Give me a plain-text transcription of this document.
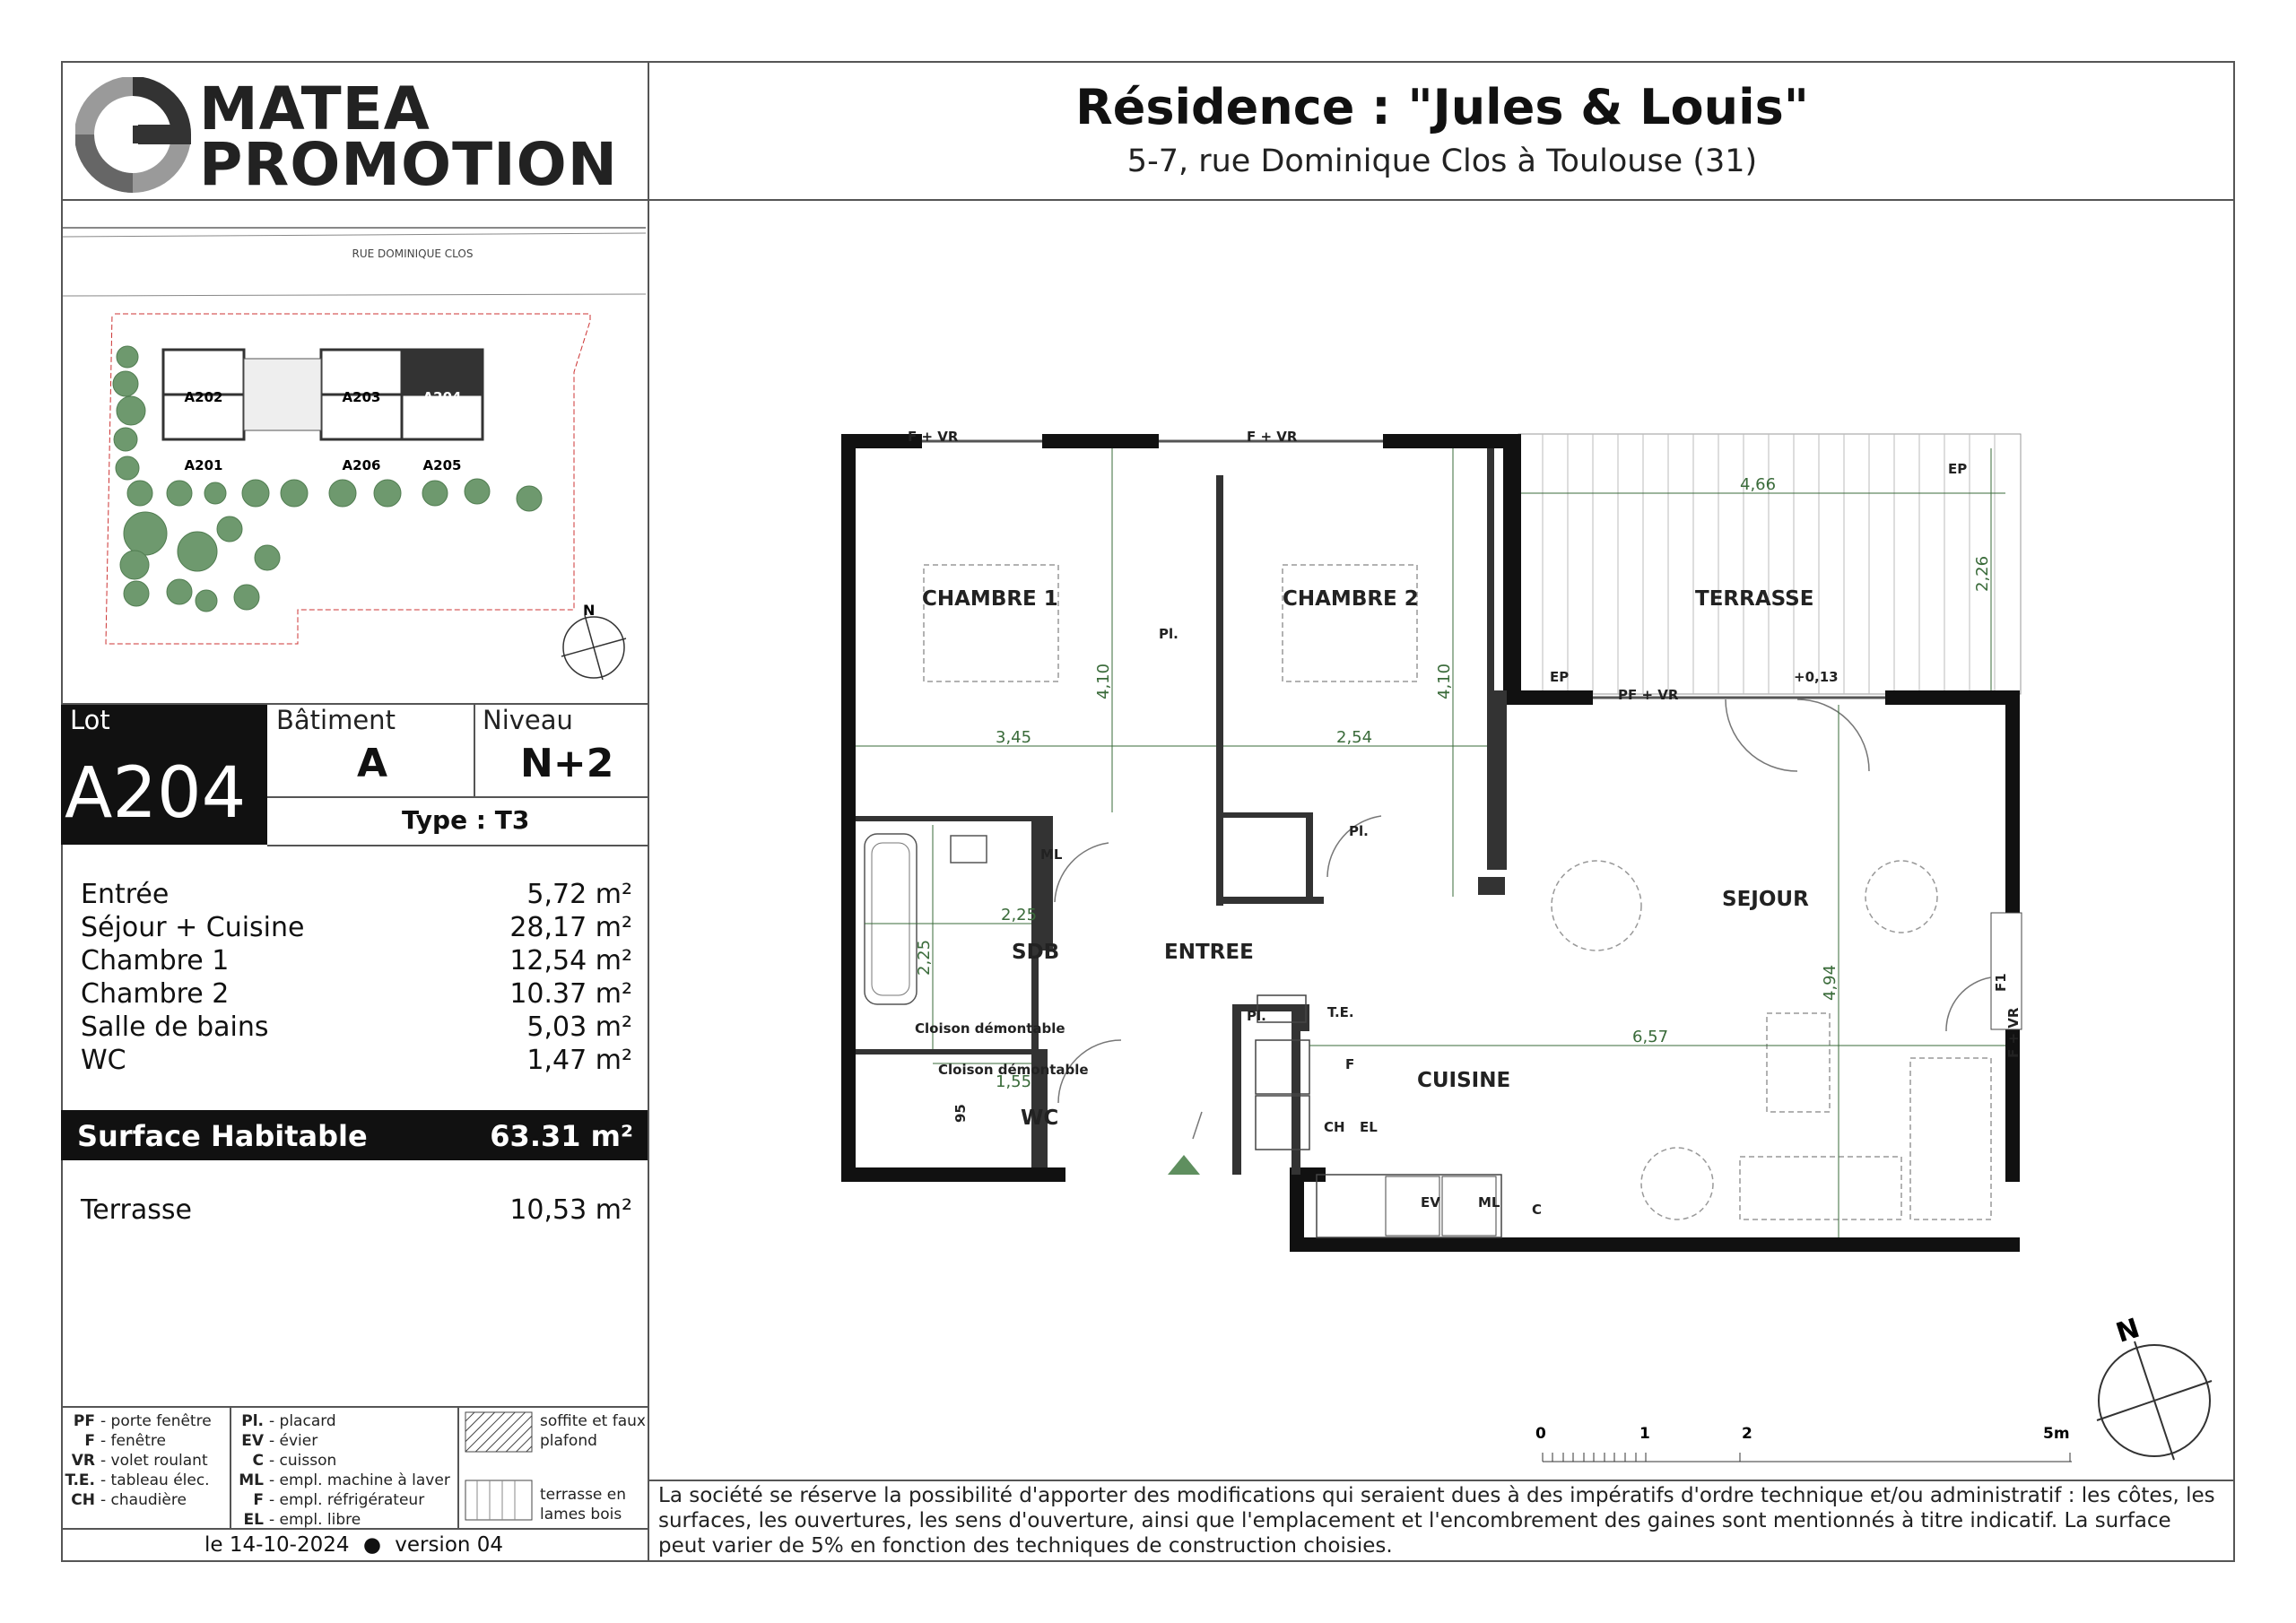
MATEA
PROMOTION
Résidence : "Jules & Louis"
5-7, rue Dominique Clos à Toulouse (31)
RUE DOMINIQUE CLOS
A202	A203	A204
A201	A206	A205
N
Lot
A204
Bâtiment
A
Niveau
N+2
Type : T3
Entrée	5,72 m²
Séjour + Cuisine	28,17 m²
Chambre 1	12,54 m²
Chambre 2	10.37 m²
Salle de bains	5,03 m²
WC	1,47 m²
Surface Habitable	63.31 m²
Terrasse	10,53 m²
PF - porte fenêtre
F - fenêtre
VR - volet roulant
T.E. - tableau élec.
CH - chaudière
Pl. - placard
EV - évier
C - cuisson
ML - empl. machine à laver
F - empl. réfrigérateur
EL - empl. libre
soffite et faux plafond
terrasse en lames bois
le 14-10-2024 ● version 04
La société se réserve la possibilité d'apporter des modifications qui seraient dues à des impératifs d'ordre technique et/ou administratif : les côtes, les surfaces, les ouvertures, les sens d'ouverture, ainsi que l'emplacement et l'encombrement des gaines sont mentionnés à titre indicatif. La surface peut varier de 5% en fonction des techniques de construction choisies.
CHAMBRE 1	CHAMBRE 2	TERRASSE
SEJOUR
SDB	ENTREE
CUISINE
WC
F + VR	F + VR
PF + VR
F1
F + VR
Pl.
Pl.
Pl.
ML
ML
T.E.
F
CH EL
EV	C
EP
EP	+0,13
Cloison démontable
Cloison démontable
95
3,45	2,54
4,10	4,10
4,66
2,26
2,25
2,25
1,55
4,94
6,57
0	1	2	5m
N
